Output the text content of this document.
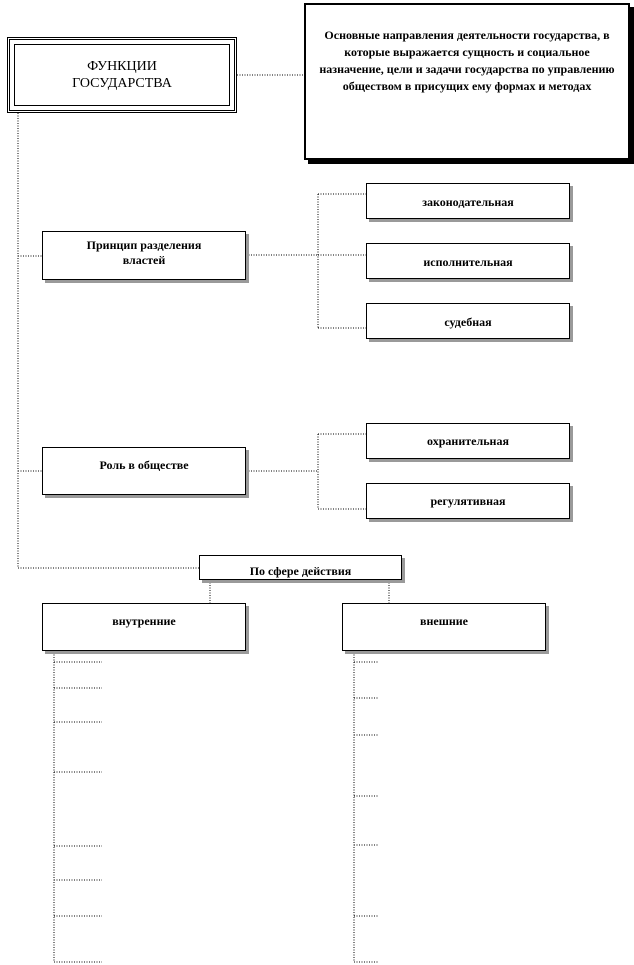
ФУНКЦИИ ГОСУДАРСТВА
Основные направления деятельности государства, в которые выражается сущность и социальное назначение, цели и задачи государства по управлению обществом в присущих ему формах и методах
Принцип разделения властей
законодательная
исполнительная
судебная
Роль в обществе
охранительная
регулятивная
По сфере действия
внутренние	внешние
